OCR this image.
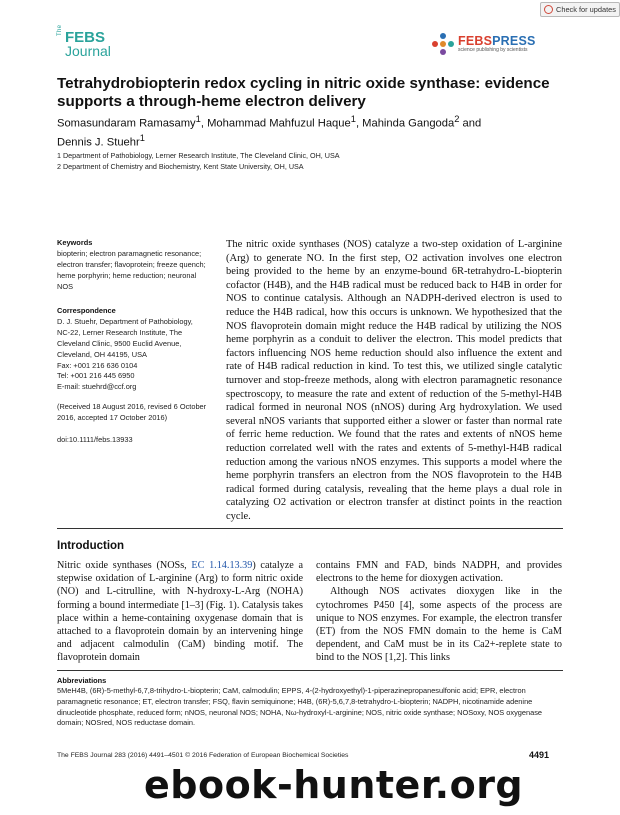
The FEBS
Journal
Check for updates
FEBSPRESS
science publishing by scientists
Tetrahydrobiopterin redox cycling in nitric oxide synthase: evidence supports a through-heme electron delivery
Somasundaram Ramasamy$^1$, Mohammad Mahfuzul Haque$^1$, Mahinda Gangoda$^2$ and
Dennis J. Stuehr$^1$
1 Department of Pathobiology, Lerner Research Institute, The Cleveland Clinic, OH, USA
2 Department of Chemistry and Biochemistry, Kent State University, OH, USA
Keywords

biopterin; electron paramagnetic resonance; electron transfer; flavoprotein; freeze quench; heme porphyrin; heme reduction; neuronal NOS

Correspondence

D. J. Stuehr, Department of Pathobiology,

NC-22, Lerner Research Institute, The

Cleveland Clinic, 9500 Euclid Avenue,

Cleveland, OH 44195, USA

Fax: +001 216 636 0104

Tel: +001 216 445 6950

E-mail: stuehrd@ccf.org

(Received 18 August 2016, revised 6 October 2016, accepted 17 October 2016)
doi:10.1111/febs.13933
The nitric oxide synthases (NOS) catalyze a two-step oxidation of L-arginine (Arg) to generate NO. In the first step, O2 activation involves one electron being provided to the heme by an enzyme-bound 6R-tetrahydro-L-biopterin cofactor (H4B), and the H4B radical must be reduced back to H4B in order for NOS to continue catalysis. Although an NADPH-derived electron is used to reduce the H4B radical, how this occurs is unknown. We hypothesized that the NOS flavoprotein domain might reduce the H4B radical by utilizing the NOS heme porphyrin as a conduit to deliver the electron. This model predicts that factors influencing NOS heme reduction should also influence the extent and rate of H4B radical reduction in kind. To test this, we utilized single catalytic turnover and stop-freeze methods, along with electron paramagnetic resonance spectroscopy, to measure the rate and extent of reduction of the 5-methyl-H4B radical formed in neuronal NOS (nNOS) during Arg hydroxylation. We used several nNOS variants that supported either a slower or faster than normal rate of ferric heme reduction. We found that the rates and extents of nNOS heme reduction correlated well with the rates and extents of 5-methyl-H4B radical reduction among the various nNOS enzymes. This supports a model where the heme porphyrin transfers an electron from the NOS flavoprotein to the H4B radical formed during catalysis, revealing that the heme plays a dual role in catalyzing O2 activation or electron transfer at distinct points in the reaction cycle.
Introduction

Nitric oxide synthases (NOSs, EC 1.14.13.39) catalyze a stepwise oxidation of L-arginine (Arg) to form nitric oxide (NO) and L-citrulline, with N-hydroxy-L-Arg (NOHA) forming a bound intermediate [1–3] (Fig. 1). Catalysis takes place within a heme-containing oxygenase domain that is attached to a flavoprotein domain by an intervening hinge and adjacent calmodulin (CaM) binding motif. The flavoprotein domain

contains FMN and FAD, binds NADPH, and provides electrons to the heme for dioxygen activation.

Although NOS activates dioxygen like in the cytochromes P450 [4], some aspects of the process are unique to NOS enzymes. For example, the electron transfer (ET) from the NOS FMN domain to the heme is CaM dependent, and CaM must be in its Ca2+-replete state to bind to the NOS [1,2]. This links

Abbreviations
5MeH4B, (6R)-5-methyl-6,7,8-trihydro-L-biopterin; CaM, calmodulin; EPPS, 4-(2-hydroxyethyl)-1-piperazinepropanesulfonic acid; EPR, electron paramagnetic resonance; ET, electron transfer; FSQ, flavin semiquinone; H4B, (6R)-5,6,7,8-tetrahydro-L-biopterin; NADPH, nicotinamide adenine dinucleotide phosphate, reduced form; nNOS, neuronal NOS; NOHA, Nω-hydroxyl-L-arginine; NOS, nitric oxide synthase; NOSoxy, NOS oxygenase domain; NOSred, NOS reductase domain.
The FEBS Journal 283 (2016) 4491–4501 © 2016 Federation of European Biochemical Societies	4491
ebook-hunter.org
